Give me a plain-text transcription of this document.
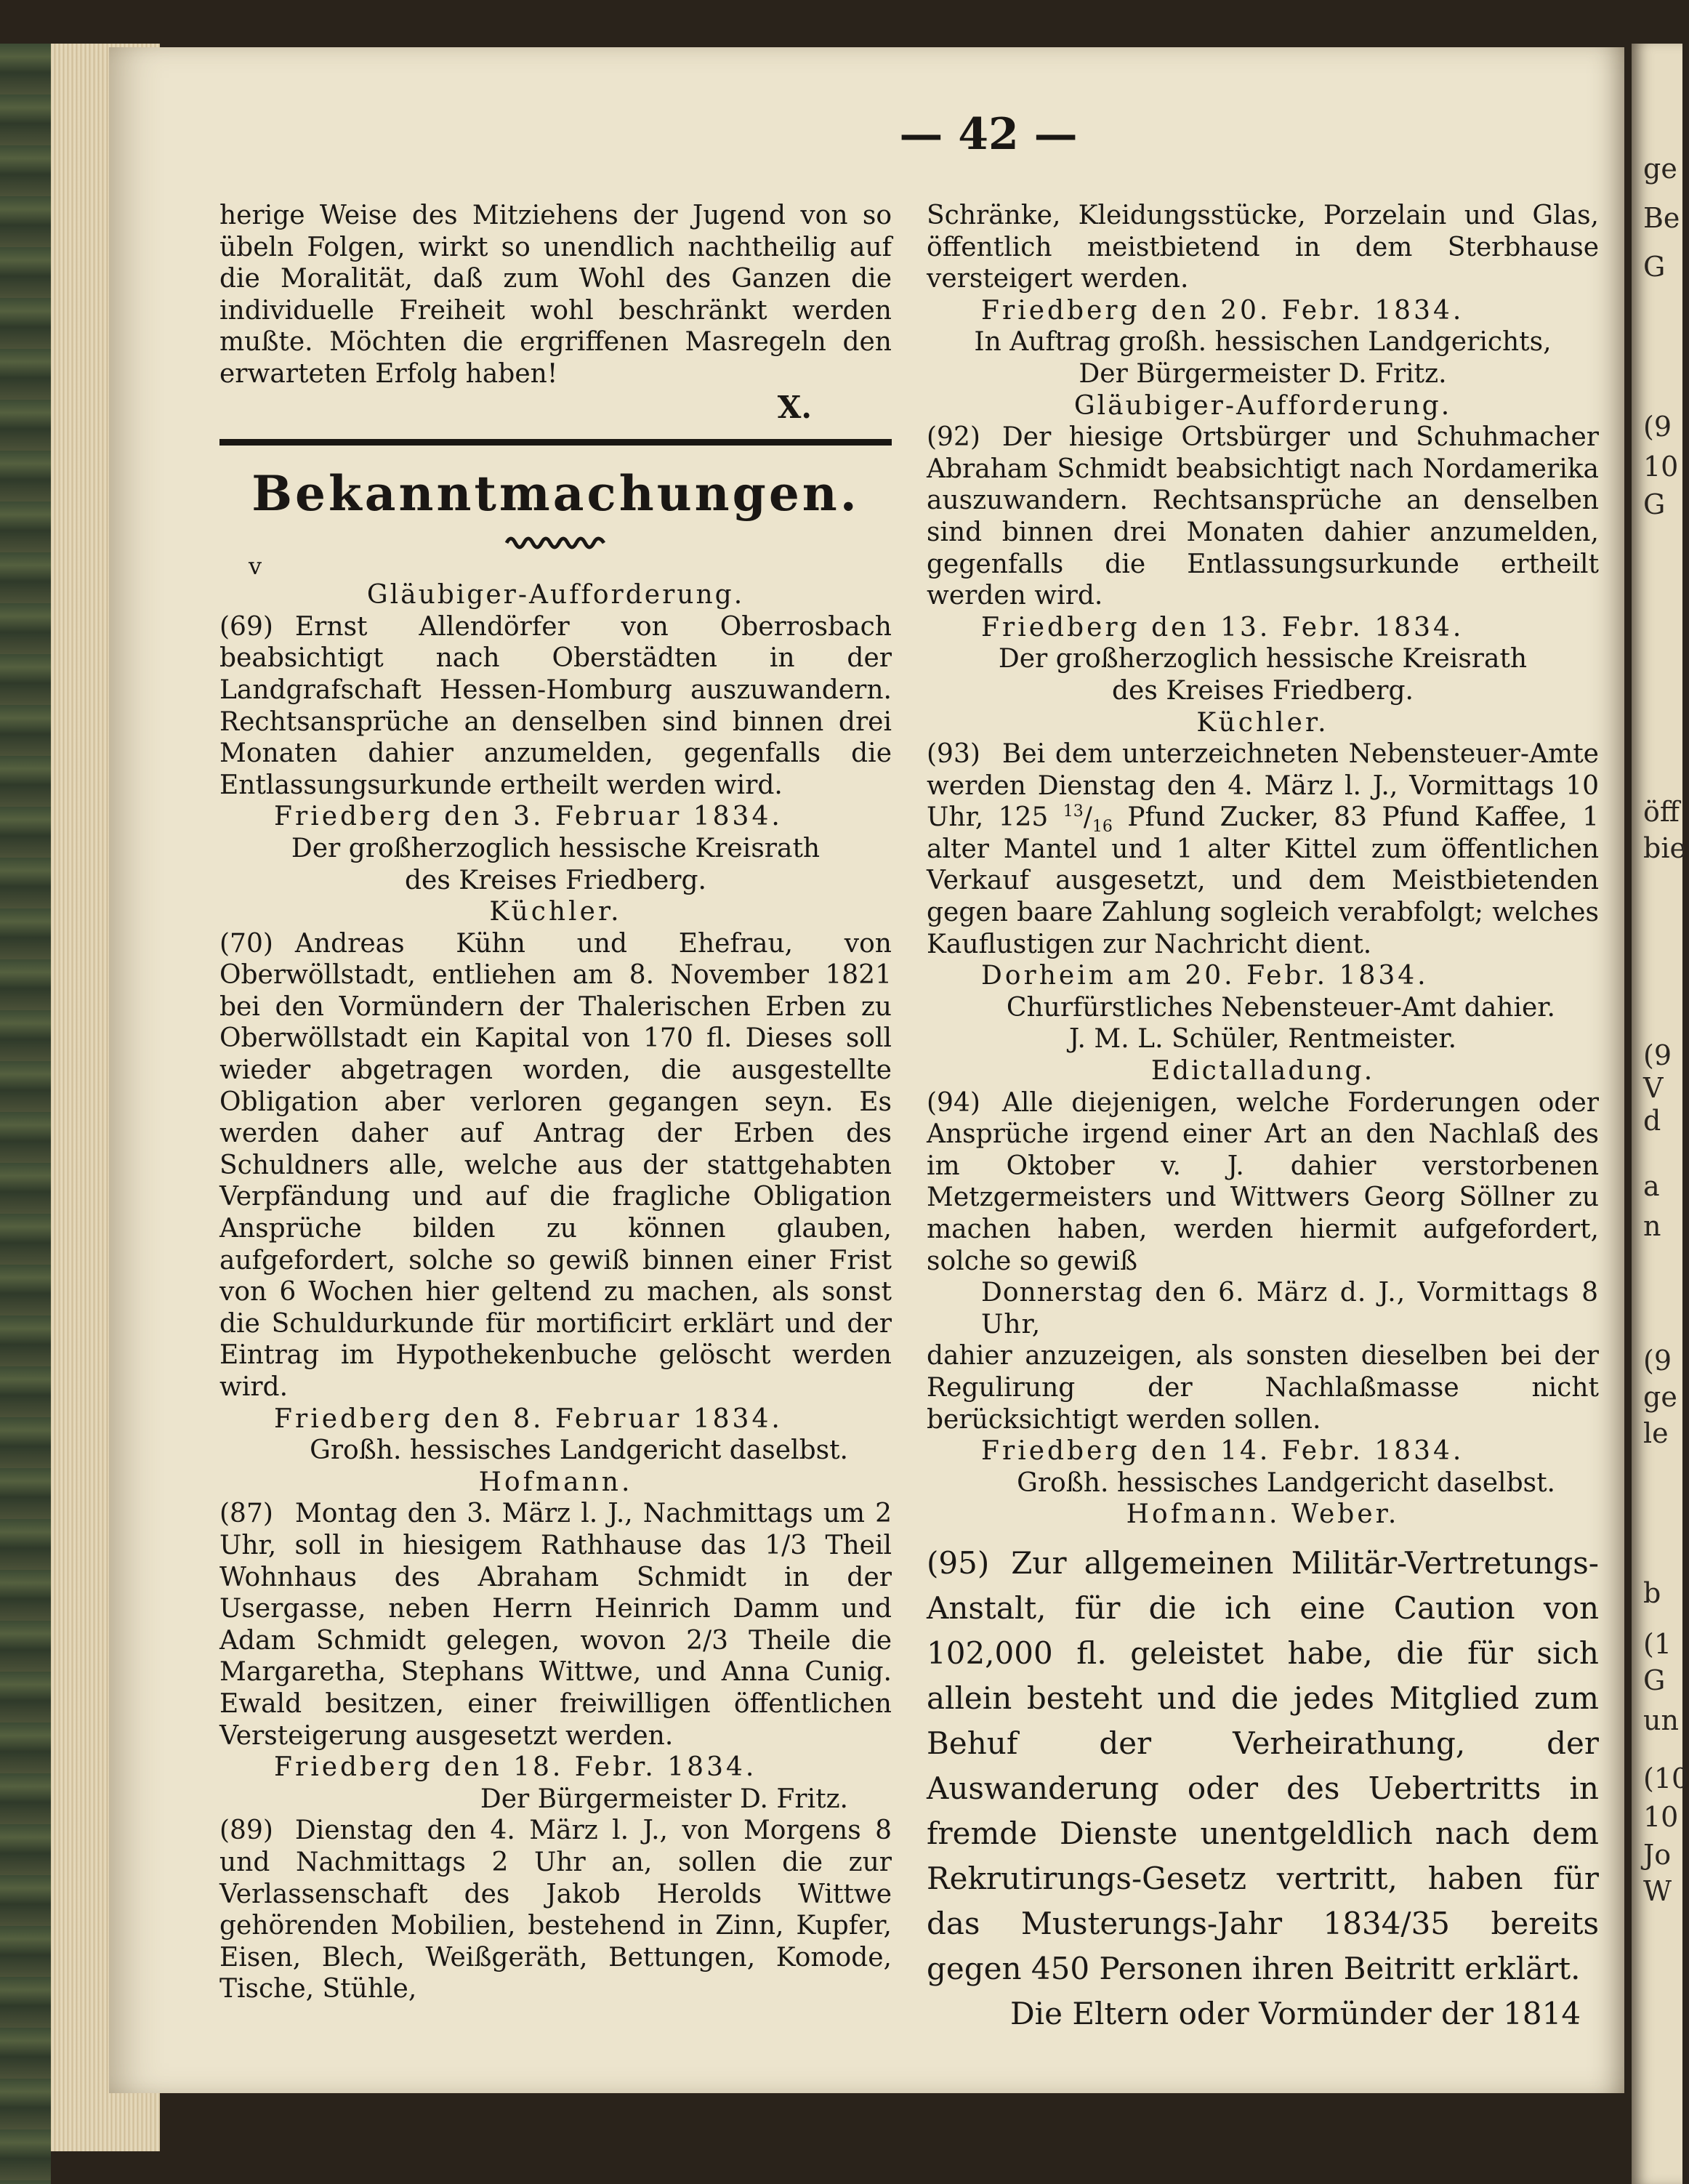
— 42 —

herige Weise des Mitziehens der Jugend von so übeln Folgen, wirkt so unendlich nachtheilig auf die Moralität, daß zum Wohl des Ganzen die individuelle Freiheit wohl beschränkt werden mußte. Möchten die ergriffenen Masregeln den erwarteten Erfolg haben!

X.

Bekanntmachungen.

v

Gläubiger-Aufforderung.

(69) Ernst Allendörfer von Oberrosbach beabsichtigt nach Oberstädten in der Landgrafschaft Hessen-Homburg auszuwandern. Rechtsansprüche an denselben sind binnen drei Monaten dahier anzumelden, gegenfalls die Entlassungsurkunde ertheilt werden wird.

Friedberg den 3. Februar 1834.

Der großherzoglich hessische Kreisrath

des Kreises Friedberg.

Küchler.

(70) Andreas Kühn und Ehefrau, von Oberwöllstadt, entliehen am 8. November 1821 bei den Vormündern der Thalerischen Erben zu Oberwöllstadt ein Kapital von 170 fl. Dieses soll wieder abgetragen worden, die ausgestellte Obligation aber verloren gegangen seyn. Es werden daher auf Antrag der Erben des Schuldners alle, welche aus der stattgehabten Verpfändung und auf die fragliche Obligation Ansprüche bilden zu können glauben, aufgefordert, solche so gewiß binnen einer Frist von 6 Wochen hier geltend zu machen, als sonst die Schuldurkunde für mortificirt erklärt und der Eintrag im Hypothekenbuche gelöscht werden wird.

Friedberg den 8. Februar 1834.

Großh. hessisches Landgericht daselbst.

Hofmann.

(87) Montag den 3. März l. J., Nachmittags um 2 Uhr, soll in hiesigem Rathhause das 1/3 Theil Wohnhaus des Abraham Schmidt in der Usergasse, neben Herrn Heinrich Damm und Adam Schmidt gelegen, wovon 2/3 Theile die Margaretha, Stephans Wittwe, und Anna Cunig. Ewald besitzen, einer freiwilligen öffentlichen Versteigerung ausgesetzt werden.

Friedberg den 18. Febr. 1834.

Der Bürgermeister D. Fritz.

(89) Dienstag den 4. März l. J., von Morgens 8 und Nachmittags 2 Uhr an, sollen die zur Verlassenschaft des Jakob Herolds Wittwe gehörenden Mobilien, bestehend in Zinn, Kupfer, Eisen, Blech, Weißgeräth, Bettungen, Komode, Tische, Stühle,

Schränke, Kleidungsstücke, Porzelain und Glas, öffentlich meistbietend in dem Sterbhause versteigert werden.

Friedberg den 20. Febr. 1834.

In Auftrag großh. hessischen Landgerichts,

Der Bürgermeister D. Fritz.

Gläubiger-Aufforderung.

(92) Der hiesige Ortsbürger und Schuhmacher Abraham Schmidt beabsichtigt nach Nordamerika auszuwandern. Rechtsansprüche an denselben sind binnen drei Monaten dahier anzumelden, gegenfalls die Entlassungsurkunde ertheilt werden wird.

Friedberg den 13. Febr. 1834.

Der großherzoglich hessische Kreisrath

des Kreises Friedberg.

Küchler.

(93) Bei dem unterzeichneten Nebensteuer-Amte werden Dienstag den 4. März l. J., Vormittags 10 Uhr, 125 $^{13}/_{16}$ Pfund Zucker, 83 Pfund Kaffee, 1 alter Mantel und 1 alter Kittel zum öffentlichen Verkauf ausgesetzt, und dem Meistbietenden gegen baare Zahlung sogleich verabfolgt; welches Kauflustigen zur Nachricht dient.

Dorheim am 20. Febr. 1834.

Churfürstliches Nebensteuer-Amt dahier.

J. M. L. Schüler, Rentmeister.

Edictalladung.

(94) Alle diejenigen, welche Forderungen oder Ansprüche irgend einer Art an den Nachlaß des im Oktober v. J. dahier verstorbenen Metzgermeisters und Wittwers Georg Söllner zu machen haben, werden hiermit aufgefordert, solche so gewiß

Donnerstag den 6. März d. J., Vormittags 8 Uhr,

dahier anzuzeigen, als sonsten dieselben bei der Regulirung der Nachlaßmasse nicht berücksichtigt werden sollen.

Friedberg den 14. Febr. 1834.

Großh. hessisches Landgericht daselbst.

Hofmann. Weber.

(95) Zur allgemeinen Militär-Vertretungs-Anstalt, für die ich eine Caution von 102,000 fl. geleistet habe, die für sich allein besteht und die jedes Mitglied zum Behuf der Verheirathung, der Auswanderung oder des Uebertritts in fremde Dienste unentgeldlich nach dem Rekrutirungs-Gesetz vertritt, haben für das Musterungs-Jahr 1834/35 bereits gegen 450 Personen ihren Beitritt erklärt.

Die Eltern oder Vormünder der 1814

ge
Be
G
(9
10
G
öff
bie
(9
V
d
a
n
(9
ge
le
b
(1
G
un
(10
10
Jo
W
